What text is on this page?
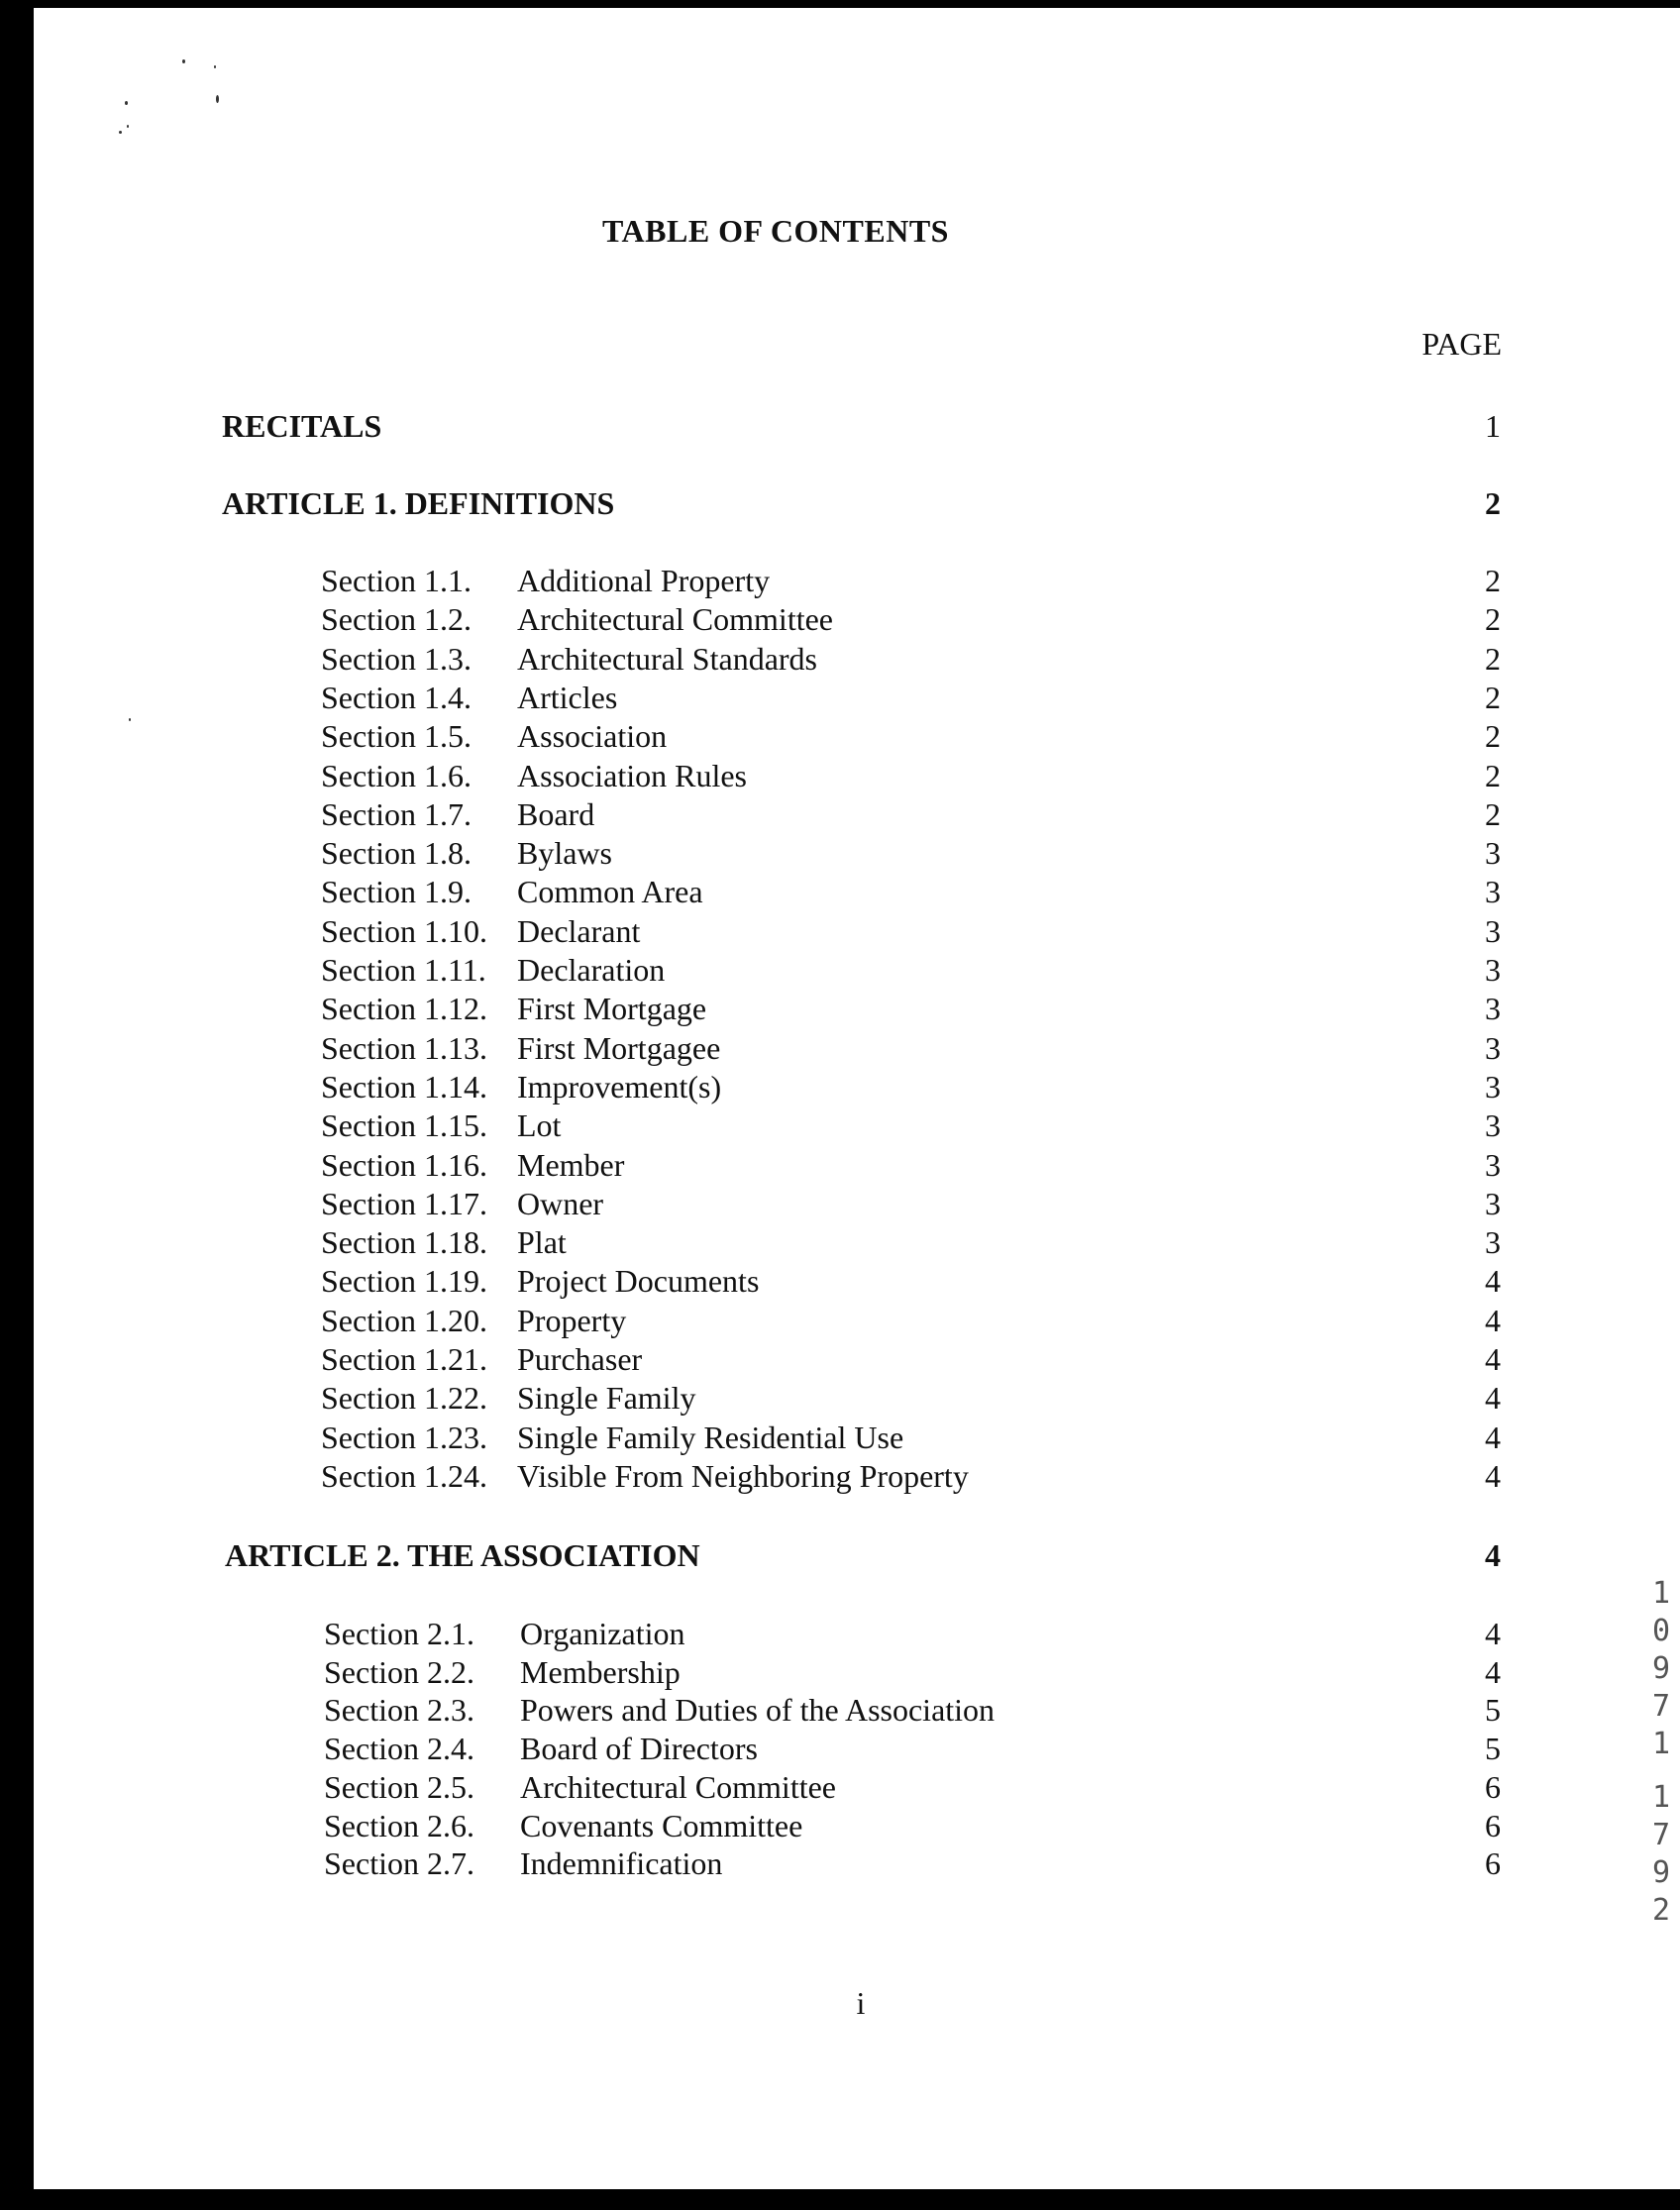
TABLE OF CONTENTS
PAGE
RECITALS	1
ARTICLE 1. DEFINITIONS	2
Section 1.1. Additional Property	2
Section 1.2. Architectural Committee	2
Section 1.3. Architectural Standards	2
Section 1.4. Articles	2
Section 1.5. Association	2
Section 1.6. Association Rules	2
Section 1.7. Board	2
Section 1.8. Bylaws	3
Section 1.9. Common Area	3
Section 1.10. Declarant	3
Section 1.11. Declaration	3
Section 1.12. First Mortgage	3
Section 1.13. First Mortgagee	3
Section 1.14. Improvement(s)	3
Section 1.15. Lot	3
Section 1.16. Member	3
Section 1.17. Owner	3
Section 1.18. Plat	3
Section 1.19. Project Documents	4
Section 1.20. Property	4
Section 1.21. Purchaser	4
Section 1.22. Single Family	4
Section 1.23. Single Family Residential Use	4
Section 1.24. Visible From Neighboring Property	4
ARTICLE 2. THE ASSOCIATION	4
Section 2.1. Organization	4
Section 2.2. Membership	4
Section 2.3. Powers and Duties of the Association	5
Section 2.4. Board of Directors	5
Section 2.5. Architectural Committee	6
Section 2.6. Covenants Committee	6
Section 2.7. Indemnification	6
i
1
0
9
7
1
1
7
9
2
